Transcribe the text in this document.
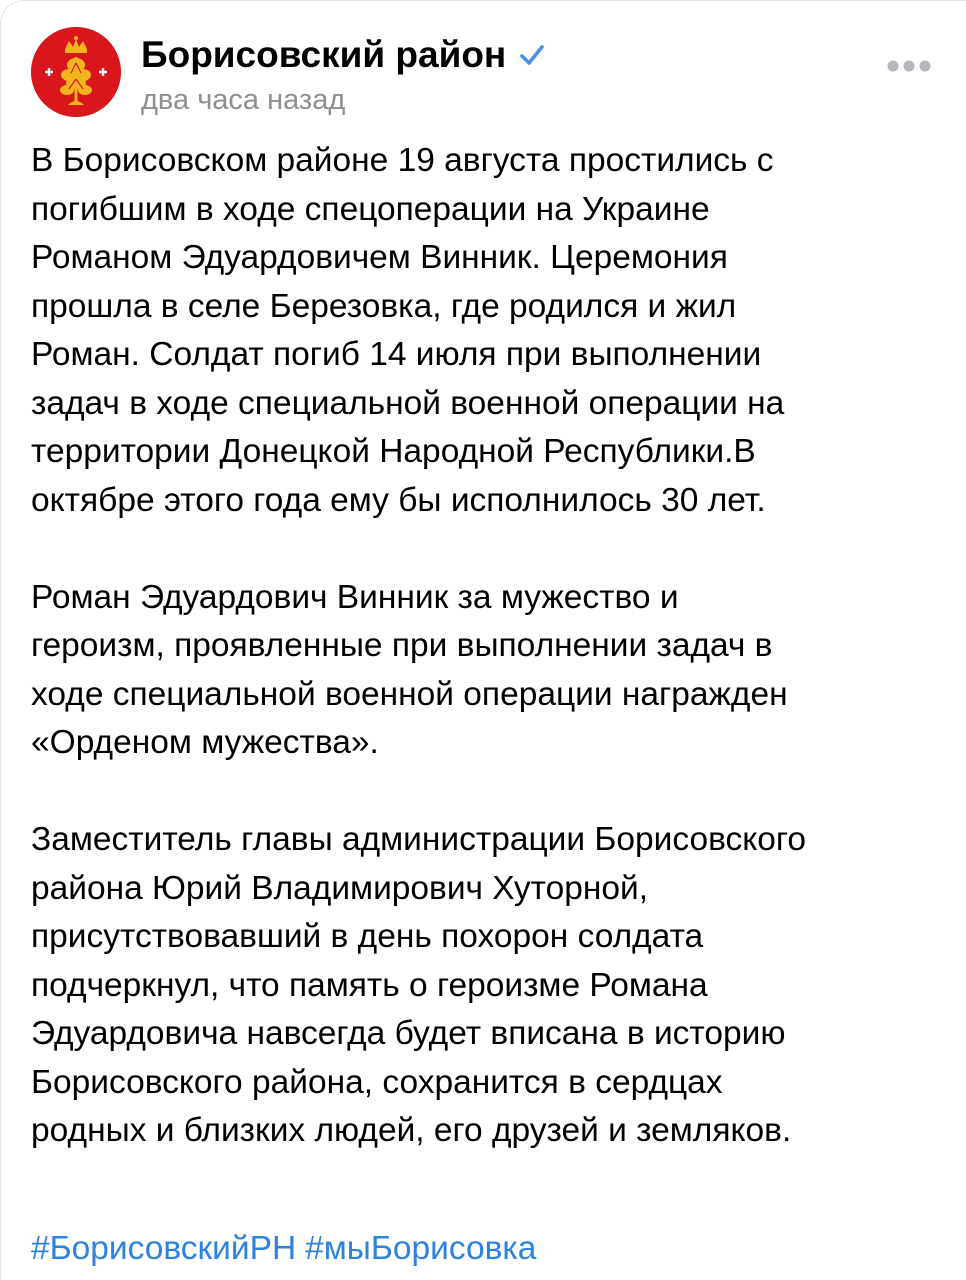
Борисовский район
два часа назад

В Борисовском районе 19 августа простились с
погибшим в ходе спецоперации на Украине
Романом Эдуардовичем Винник. Церемония
прошла в селе Березовка, где родился и жил
Роман. Солдат погиб 14 июля при выполнении
задач в ходе специальной военной операции на
территории Донецкой Народной Республики.В
октябре этого года ему бы исполнилось 30 лет.

Роман Эдуардович Винник за мужество и
героизм, проявленные при выполнении задач в
ходе специальной военной операции награжден
«Орденом мужества».

Заместитель главы администрации Борисовского
района Юрий Владимирович Хуторной,
присутствовавший в день похорон солдата
подчеркнул, что память о героизме Романа
Эдуардовича навсегда будет вписана в историю
Борисовского района, сохранится в сердцах
родных и близких людей, его друзей и земляков.

#БорисовскийРН #мыБорисовка
